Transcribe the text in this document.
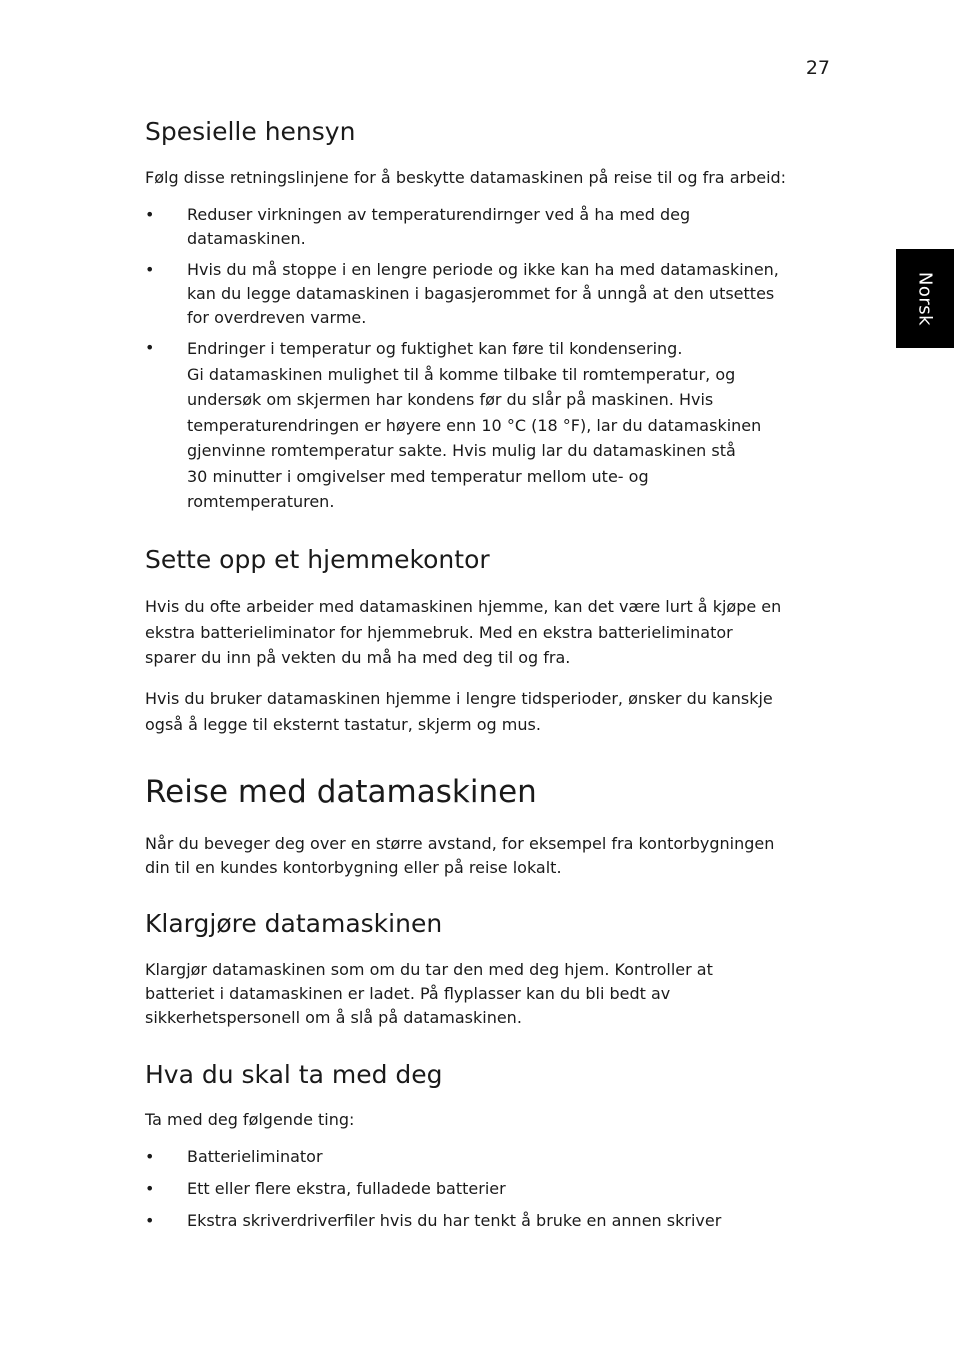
27
Norsk
Spesielle hensyn

Følg disse retningslinjene for å beskytte datamaskinen på reise til og fra arbeid:

•	Reduser virkningen av temperaturendirnger ved å ha med deg
datamaskinen.
•	Hvis du må stoppe i en lengre periode og ikke kan ha med datamaskinen,
kan du legge datamaskinen i bagasjerommet for å unngå at den utsettes
for overdreven varme.
•	Endringer i temperatur og fuktighet kan føre til kondensering.
Gi datamaskinen mulighet til å komme tilbake til romtemperatur, og
undersøk om skjermen har kondens før du slår på maskinen. Hvis
temperaturendringen er høyere enn 10 °C (18 °F), lar du datamaskinen
gjenvinne romtemperatur sakte. Hvis mulig lar du datamaskinen stå
30 minutter i omgivelser med temperatur mellom ute- og
romtemperaturen.
Sette opp et hjemmekontor

Hvis du ofte arbeider med datamaskinen hjemme, kan det være lurt å kjøpe en
ekstra batterieliminator for hjemmebruk. Med en ekstra batterieliminator
sparer du inn på vekten du må ha med deg til og fra.

Hvis du bruker datamaskinen hjemme i lengre tidsperioder, ønsker du kanskje
også å legge til eksternt tastatur, skjerm og mus.

Reise med datamaskinen

Når du beveger deg over en større avstand, for eksempel fra kontorbygningen
din til en kundes kontorbygning eller på reise lokalt.

Klargjøre datamaskinen

Klargjør datamaskinen som om du tar den med deg hjem. Kontroller at
batteriet i datamaskinen er ladet. På flyplasser kan du bli bedt av
sikkerhetspersonell om å slå på datamaskinen.

Hva du skal ta med deg

Ta med deg følgende ting:

•	Batterieliminator
•	Ett eller flere ekstra, fulladede batterier
•	Ekstra skriverdriverfiler hvis du har tenkt å bruke en annen skriver
